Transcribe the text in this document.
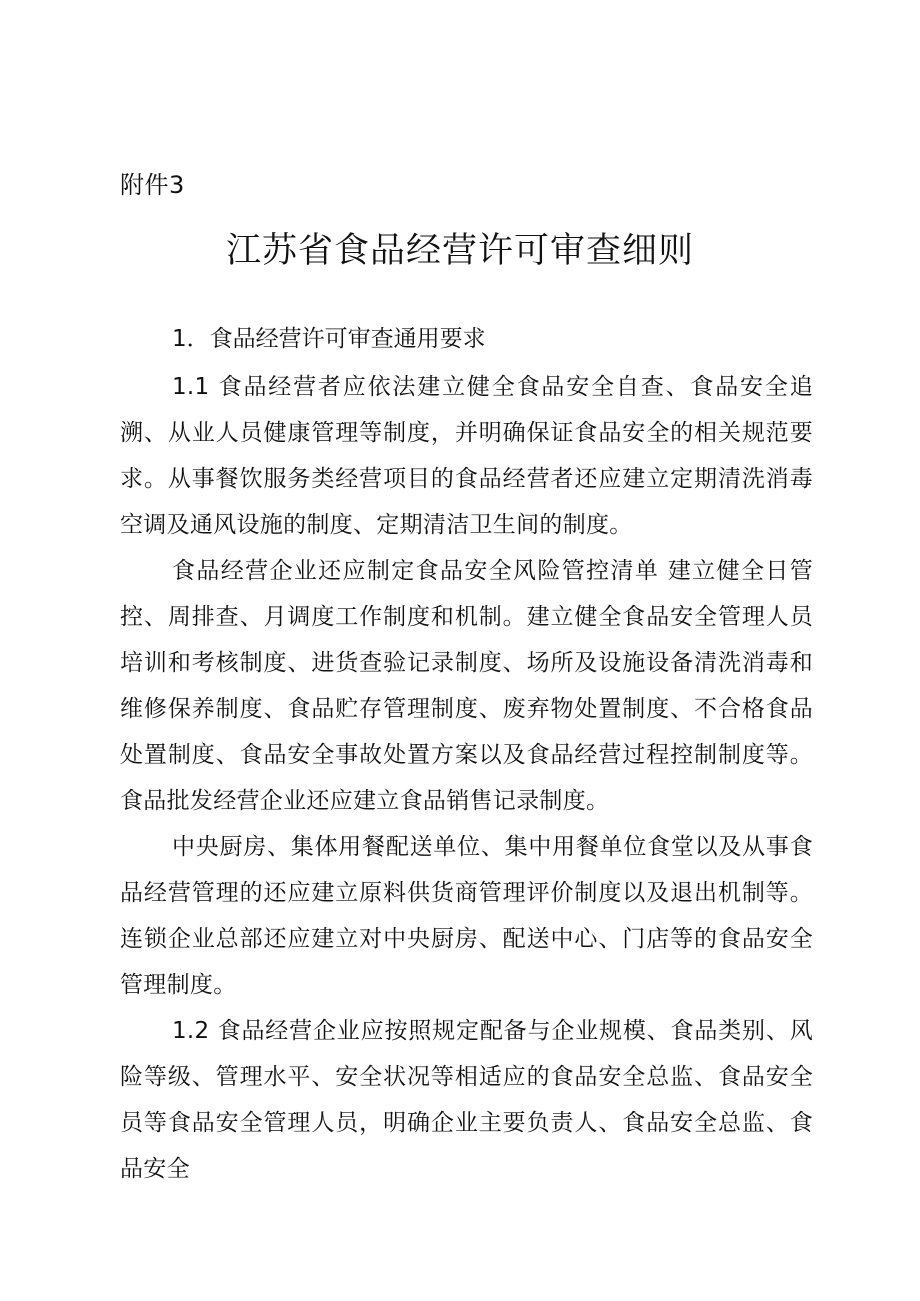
附件3
江苏省食品经营许可审查细则
1．食品经营许可审查通用要求

1.1 食品经营者应依法建立健全食品安全自查、食品安全追溯、从业人员健康管理等制度，并明确保证食品安全的相关规范要求。从事餐饮服务类经营项目的食品经营者还应建立定期清洗消毒空调及通风设施的制度、定期清洁卫生间的制度。

食品经营企业还应制定食品安全风险管控清单 建立健全日管控、周排查、月调度工作制度和机制。建立健全食品安全管理人员培训和考核制度、进货查验记录制度、场所及设施设备清洗消毒和维修保养制度、食品贮存管理制度、废弃物处置制度、不合格食品处置制度、食品安全事故处置方案以及食品经营过程控制制度等。食品批发经营企业还应建立食品销售记录制度。

中央厨房、集体用餐配送单位、集中用餐单位食堂以及从事食品经营管理的还应建立原料供货商管理评价制度以及退出机制等。连锁企业总部还应建立对中央厨房、配送中心、门店等的食品安全管理制度。

1.2 食品经营企业应按照规定配备与企业规模、食品类别、风险等级、管理水平、安全状况等相适应的食品安全总监、食品安全员等食品安全管理人员，明确企业主要负责人、食品安全总监、食品安全
